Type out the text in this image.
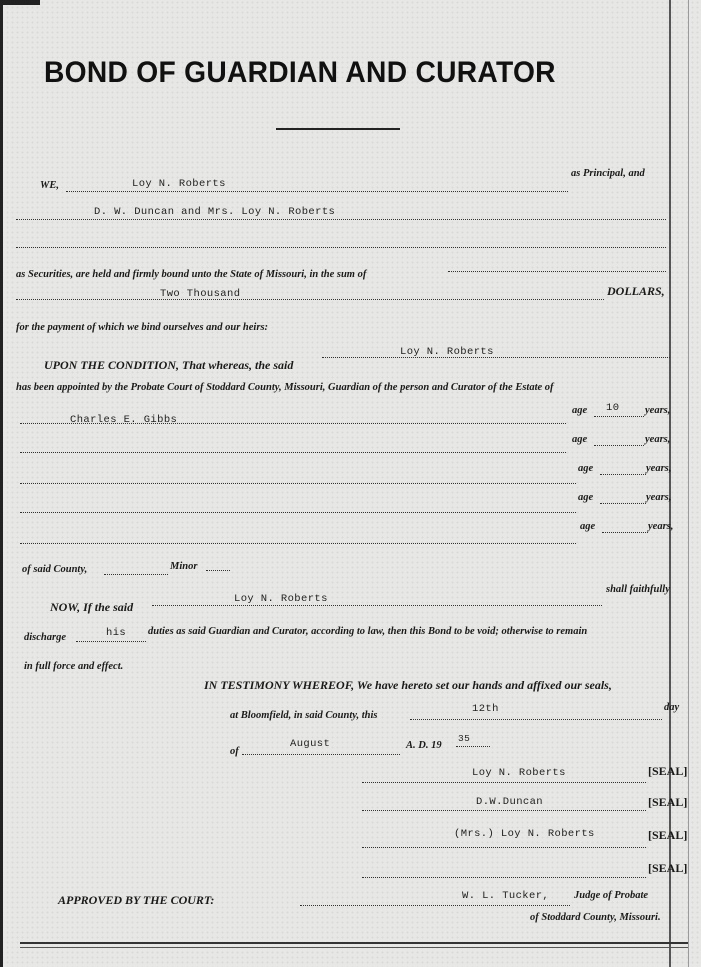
BOND OF GUARDIAN AND CURATOR
WE,	Loy N. Roberts
as Principal, and
D. W. Duncan and Mrs. Loy N. Roberts
as Securities, are held and firmly bound unto the State of Missouri, in the sum of
Two Thousand	DOLLARS,
for the payment of which we bind ourselves and our heirs:
UPON THE CONDITION, That whereas, the said
Loy N. Roberts
has been appointed by the Probate Court of Stoddard County, Missouri, Guardian of the person and Curator of the Estate of
Charles E. Gibbs
age 10 years,
age	years,
age	years,
age	years,
age	years,
of said County,	Minor
NOW, If the said
Loy N. Roberts
shall faithfully
discharge	his duties as said Guardian and Curator, according to law, then this Bond to be void; otherwise to remain
in full force and effect.
IN TESTIMONY WHEREOF, We have hereto set our hands and affixed our seals,
at Bloomfield, in said County, this
12th	day
of
August	A. D. 19
35
Loy N. Roberts	[SEAL]
D.W.Duncan	[SEAL]
(Mrs.) Loy N. Roberts	[SEAL]
[SEAL]
APPROVED BY THE COURT:	W. L. Tucker, Judge of Probate
of Stoddard County, Missouri.
